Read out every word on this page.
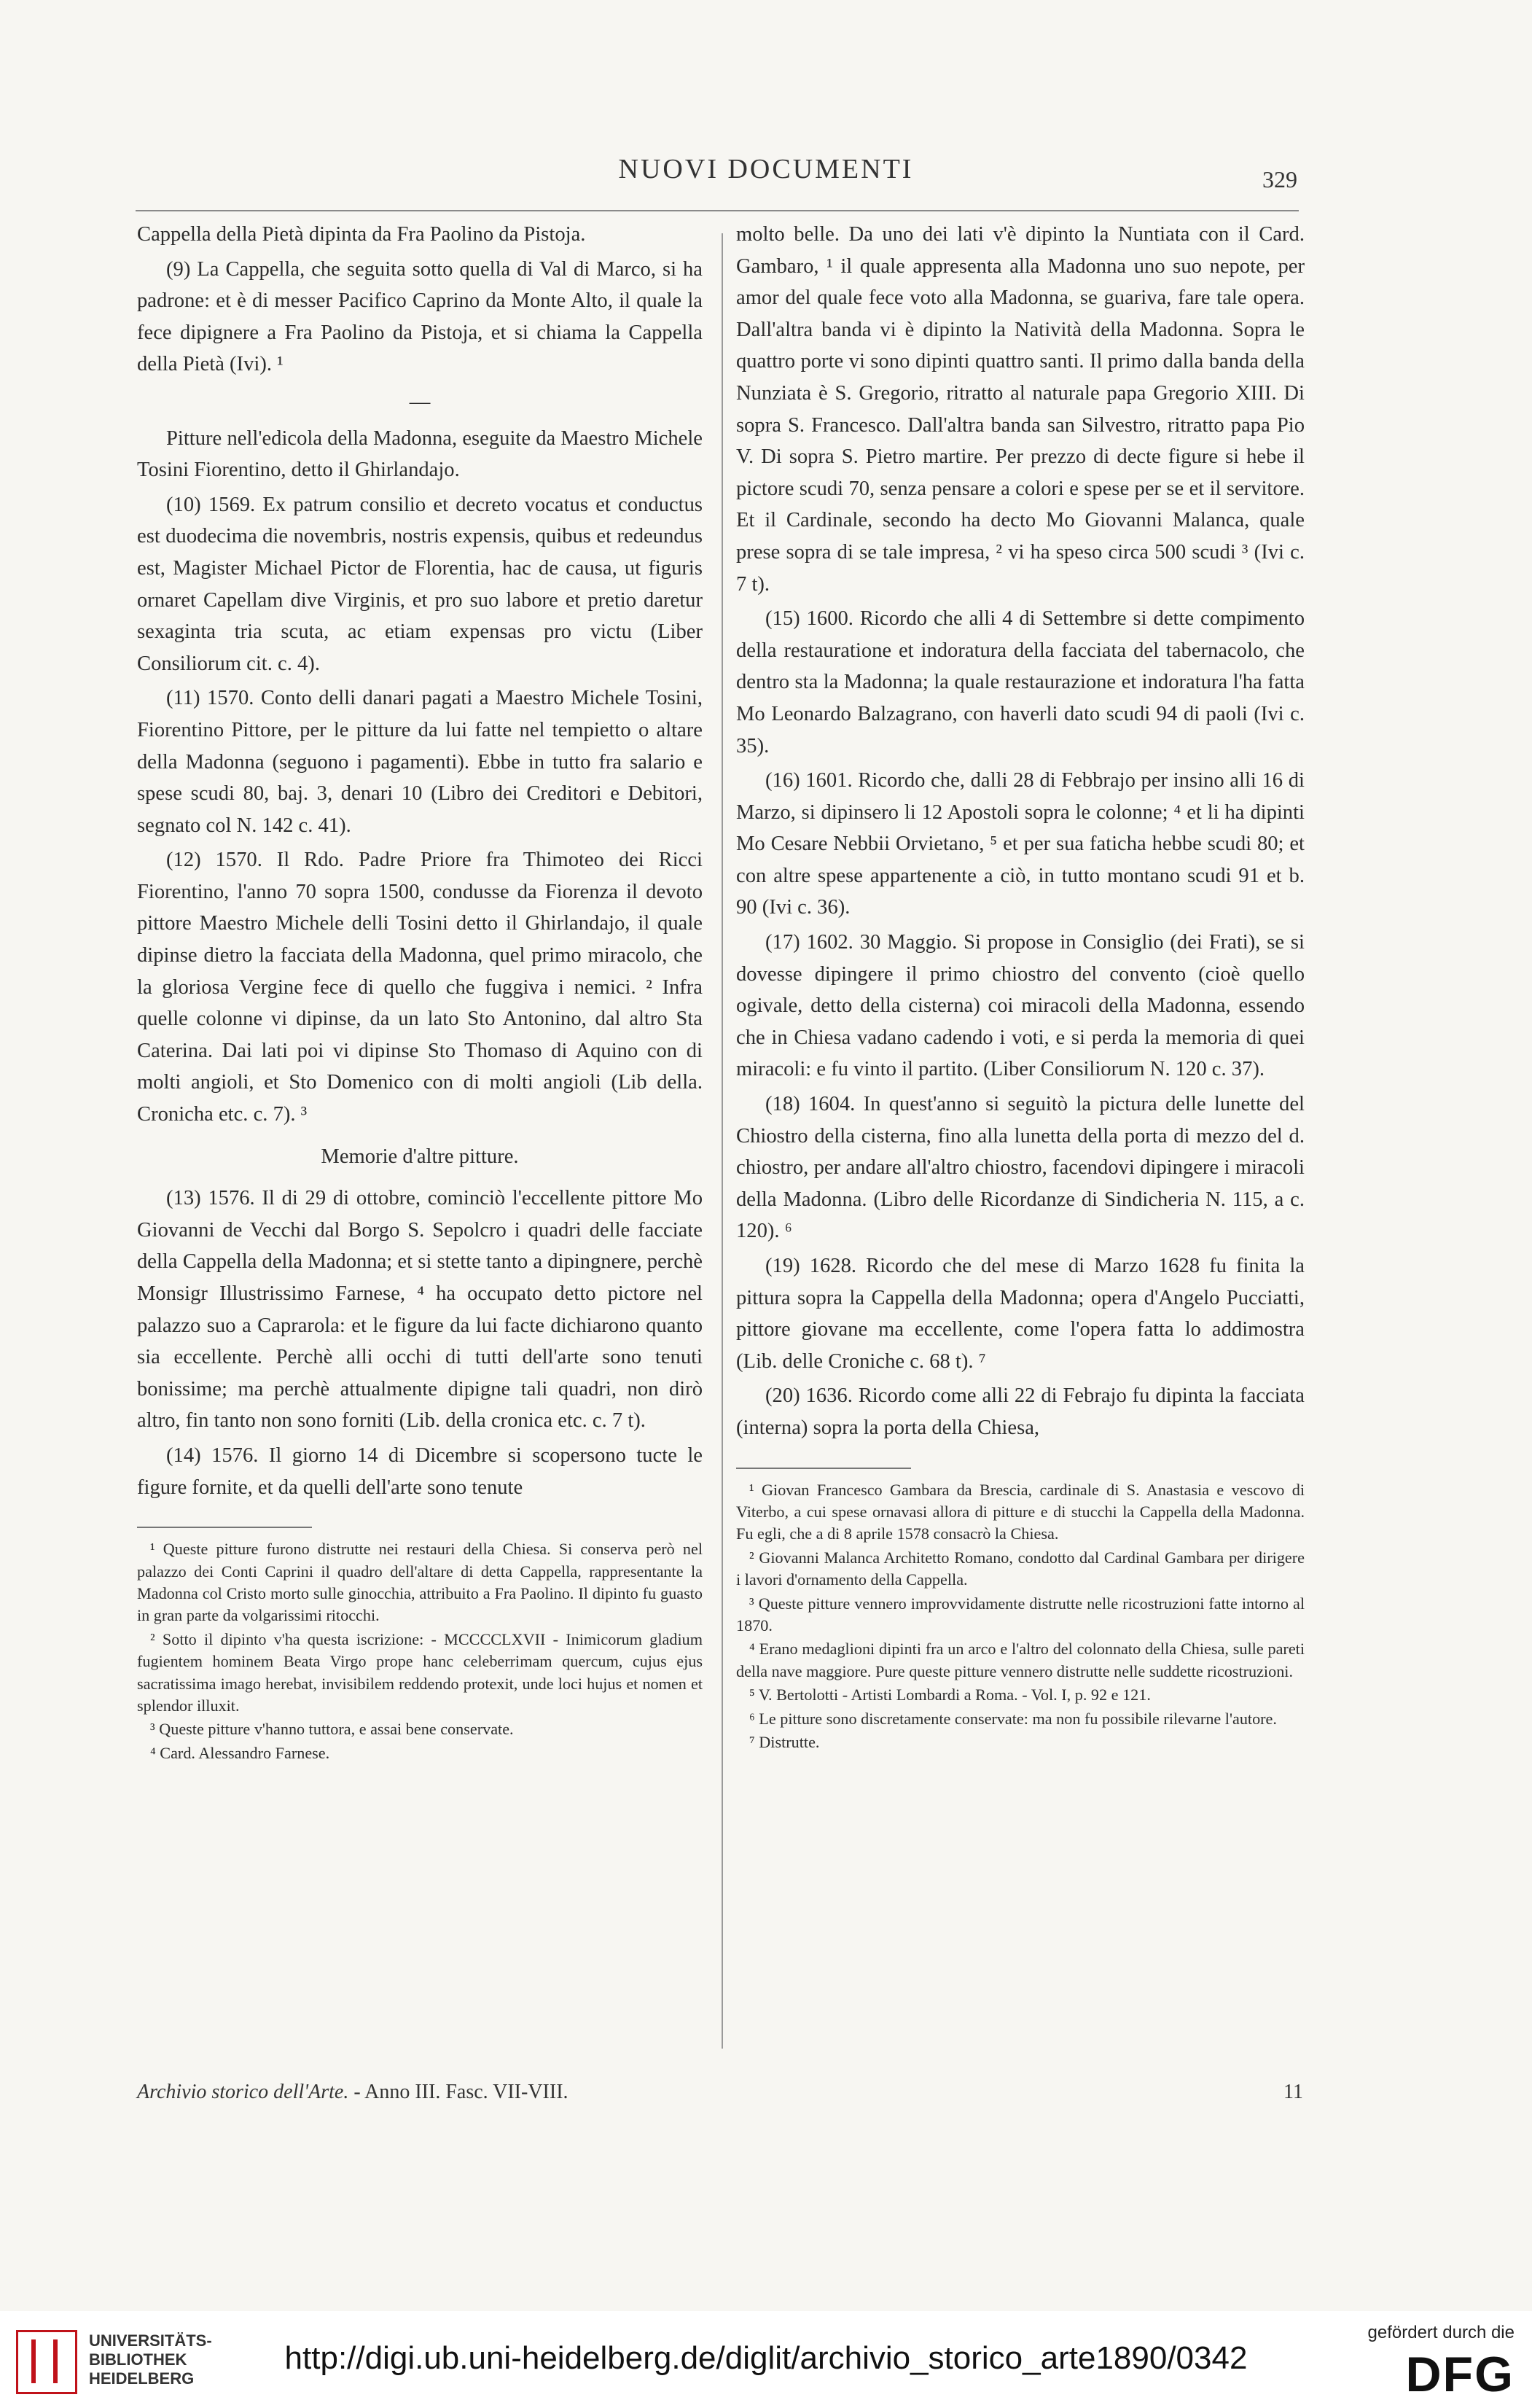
NUOVI DOCUMENTI	329

Cappella della Pietà dipinta da Fra Paolino da Pistoja.

(9) La Cappella, che seguita sotto quella di Val di Marco, si ha padrone: et è di messer Pacifico Caprino da Monte Alto, il quale la fece dipignere a Fra Paolino da Pistoja, et si chiama la Cappella della Pietà (Ivi). ¹

—

Pitture nell'edicola della Madonna, eseguite da Maestro Michele Tosini Fiorentino, detto il Ghirlandajo.

(10) 1569. Ex patrum consilio et decreto vocatus et conductus est duodecima die novembris, nostris expensis, quibus et redeundus est, Magister Michael Pictor de Florentia, hac de causa, ut figuris ornaret Capellam dive Virginis, et pro suo labore et pretio daretur sexaginta tria scuta, ac etiam expensas pro victu (Liber Consiliorum cit. c. 4).

(11) 1570. Conto delli danari pagati a Maestro Michele Tosini, Fiorentino Pittore, per le pitture da lui fatte nel tempietto o altare della Madonna (seguono i pagamenti). Ebbe in tutto fra salario e spese scudi 80, baj. 3, denari 10 (Libro dei Creditori e Debitori, segnato col N. 142 c. 41).

(12) 1570. Il Rdo. Padre Priore fra Thimoteo dei Ricci Fiorentino, l'anno 70 sopra 1500, condusse da Fiorenza il devoto pittore Maestro Michele delli Tosini detto il Ghirlandajo, il quale dipinse dietro la facciata della Madonna, quel primo miracolo, che la gloriosa Vergine fece di quello che fuggiva i nemici. ² Infra quelle colonne vi dipinse, da un lato Sto Antonino, dal altro Sta Caterina. Dai lati poi vi dipinse Sto Thomaso di Aquino con di molti angioli, et Sto Domenico con di molti angioli (Lib della. Cronicha etc. c. 7). ³

Memorie d'altre pitture.

(13) 1576. Il di 29 di ottobre, cominciò l'eccellente pittore Mo Giovanni de Vecchi dal Borgo S. Sepolcro i quadri delle facciate della Cappella della Madonna; et si stette tanto a dipingnere, perchè Monsigr Illustrissimo Farnese, ⁴ ha occupato detto pictore nel palazzo suo a Caprarola: et le figure da lui facte dichiarono quanto sia eccellente. Perchè alli occhi di tutti dell'arte sono tenuti bonissime; ma perchè attualmente dipigne tali quadri, non dirò altro, fin tanto non sono forniti (Lib. della cronica etc. c. 7 t).

(14) 1576. Il giorno 14 di Dicembre si scopersono tucte le figure fornite, et da quelli dell'arte sono tenute

¹ Queste pitture furono distrutte nei restauri della Chiesa. Si conserva però nel palazzo dei Conti Caprini il quadro dell'altare di detta Cappella, rappresentante la Madonna col Cristo morto sulle ginocchia, attribuito a Fra Paolino. Il dipinto fu guasto in gran parte da volgarissimi ritocchi.

² Sotto il dipinto v'ha questa iscrizione: - MCCCCLXVII - Inimicorum gladium fugientem hominem Beata Virgo prope hanc celeberrimam quercum, cujus ejus sacratissima imago herebat, invisibilem reddendo protexit, unde loci hujus et nomen et splendor illuxit.

³ Queste pitture v'hanno tuttora, e assai bene conservate.

⁴ Card. Alessandro Farnese.

molto belle. Da uno dei lati v'è dipinto la Nuntiata con il Card. Gambaro, ¹ il quale appresenta alla Madonna uno suo nepote, per amor del quale fece voto alla Madonna, se guariva, fare tale opera. Dall'altra banda vi è dipinto la Natività della Madonna. Sopra le quattro porte vi sono dipinti quattro santi. Il primo dalla banda della Nunziata è S. Gregorio, ritratto al naturale papa Gregorio XIII. Di sopra S. Francesco. Dall'altra banda san Silvestro, ritratto papa Pio V. Di sopra S. Pietro martire. Per prezzo di decte figure si hebe il pictore scudi 70, senza pensare a colori e spese per se et il servitore. Et il Cardinale, secondo ha decto Mo Giovanni Malanca, quale prese sopra di se tale impresa, ² vi ha speso circa 500 scudi ³ (Ivi c. 7 t).

(15) 1600. Ricordo che alli 4 di Settembre si dette compimento della restauratione et indoratura della facciata del tabernacolo, che dentro sta la Madonna; la quale restaurazione et indoratura l'ha fatta Mo Leonardo Balzagrano, con haverli dato scudi 94 di paoli (Ivi c. 35).

(16) 1601. Ricordo che, dalli 28 di Febbrajo per insino alli 16 di Marzo, si dipinsero li 12 Apostoli sopra le colonne; ⁴ et li ha dipinti Mo Cesare Nebbii Orvietano, ⁵ et per sua faticha hebbe scudi 80; et con altre spese appartenente a ciò, in tutto montano scudi 91 et b. 90 (Ivi c. 36).

(17) 1602. 30 Maggio. Si propose in Consiglio (dei Frati), se si dovesse dipingere il primo chiostro del convento (cioè quello ogivale, detto della cisterna) coi miracoli della Madonna, essendo che in Chiesa vadano cadendo i voti, e si perda la memoria di quei miracoli: e fu vinto il partito. (Liber Consiliorum N. 120 c. 37).

(18) 1604. In quest'anno si seguitò la pictura delle lunette del Chiostro della cisterna, fino alla lunetta della porta di mezzo del d. chiostro, per andare all'altro chiostro, facendovi dipingere i miracoli della Madonna. (Libro delle Ricordanze di Sindicheria N. 115, a c. 120). ⁶

(19) 1628. Ricordo che del mese di Marzo 1628 fu finita la pittura sopra la Cappella della Madonna; opera d'Angelo Pucciatti, pittore giovane ma eccellente, come l'opera fatta lo addimostra (Lib. delle Croniche c. 68 t). ⁷

(20) 1636. Ricordo come alli 22 di Febrajo fu dipinta la facciata (interna) sopra la porta della Chiesa,

¹ Giovan Francesco Gambara da Brescia, cardinale di S. Anastasia e vescovo di Viterbo, a cui spese ornavasi allora di pitture e di stucchi la Cappella della Madonna. Fu egli, che a di 8 aprile 1578 consacrò la Chiesa.

² Giovanni Malanca Architetto Romano, condotto dal Cardinal Gambara per dirigere i lavori d'ornamento della Cappella.

³ Queste pitture vennero improvvidamente distrutte nelle ricostruzioni fatte intorno al 1870.

⁴ Erano medaglioni dipinti fra un arco e l'altro del colonnato della Chiesa, sulle pareti della nave maggiore. Pure queste pitture vennero distrutte nelle suddette ricostruzioni.

⁵ V. Bertolotti - Artisti Lombardi a Roma. - Vol. I, p. 92 e 121.

⁶ Le pitture sono discretamente conservate: ma non fu possibile rilevarne l'autore.

⁷ Distrutte.

Archivio storico dell'Arte. - Anno III. Fasc. VII-VIII.	11
UNIVERSITÄTS-
BIBLIOTHEK
HEIDELBERG
http://digi.ub.uni-heidelberg.de/diglit/archivio_storico_arte1890/0342
gefördert durch die
DFG
